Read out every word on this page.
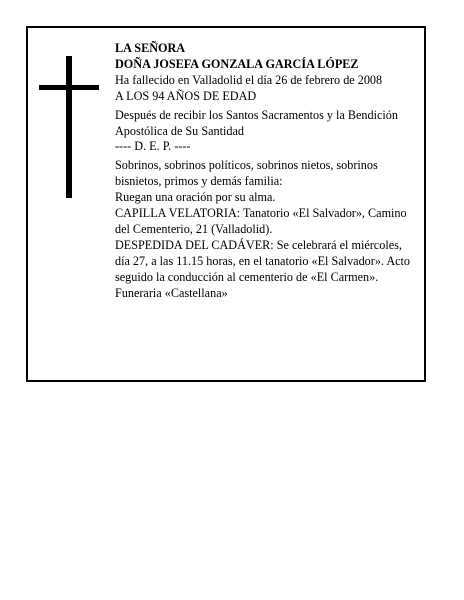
LA SEÑORA

DOÑA JOSEFA GONZALA GARCÍA LÓPEZ

Ha fallecido en Valladolid el día 26 de febrero de 2008

A LOS 94 AÑOS DE EDAD

Después de recibir los Santos Sacramentos y la Bendición Apostólica de Su Santidad

---- D. E. P. ----

Sobrinos, sobrinos políticos, sobrinos nietos, sobrinos bisnietos, primos y demás familia:

Ruegan una oración por su alma.

CAPILLA VELATORIA: Tanatorio «El Salvador», Camino del Cementerio, 21 (Valladolid).

DESPEDIDA DEL CADÁVER: Se celebrará el miércoles, día 27, a las 11.15 horas, en el tanatorio «El Salvador». Acto seguido la conducción al cementerio de «El Carmen».

Funeraria «Castellana»
